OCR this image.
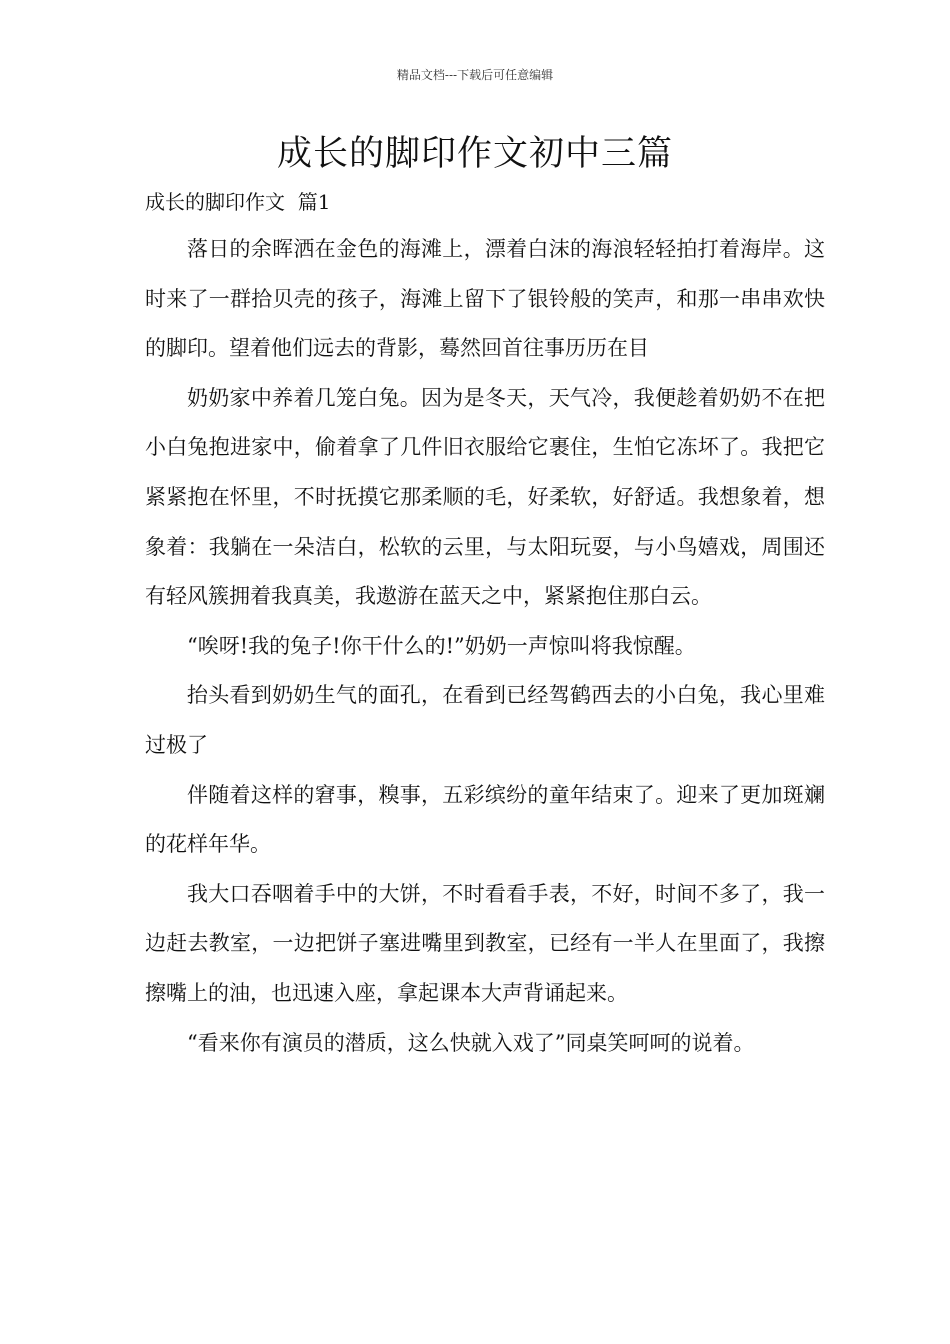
精品文档---下载后可任意编辑
成长的脚印作文初中三篇
成长的脚印作文  篇1

落日的余晖洒在金色的海滩上，漂着白沫的海浪轻轻拍打着海岸。这时来了一群拾贝壳的孩子，海滩上留下了银铃般的笑声，和那一串串欢快的脚印。望着他们远去的背影，蓦然回首往事历历在目

奶奶家中养着几笼白兔。因为是冬天，天气冷，我便趁着奶奶不在把小白兔抱进家中，偷着拿了几件旧衣服给它裹住，生怕它冻坏了。我把它紧紧抱在怀里，不时抚摸它那柔顺的毛，好柔软，好舒适。我想象着，想象着：我躺在一朵洁白，松软的云里，与太阳玩耍，与小鸟嬉戏，周围还有轻风簇拥着我真美，我遨游在蓝天之中，紧紧抱住那白云。

“唉呀!我的兔子!你干什么的!”奶奶一声惊叫将我惊醒。

抬头看到奶奶生气的面孔，在看到已经驾鹤西去的小白兔，我心里难过极了

伴随着这样的窘事，糗事，五彩缤纷的童年结束了。迎来了更加斑斓的花样年华。

我大口吞咽着手中的大饼，不时看看手表，不好，时间不多了，我一边赶去教室，一边把饼子塞进嘴里到教室，已经有一半人在里面了，我擦擦嘴上的油，也迅速入座，拿起课本大声背诵起来。

“看来你有演员的潜质，这么快就入戏了”同桌笑呵呵的说着。
